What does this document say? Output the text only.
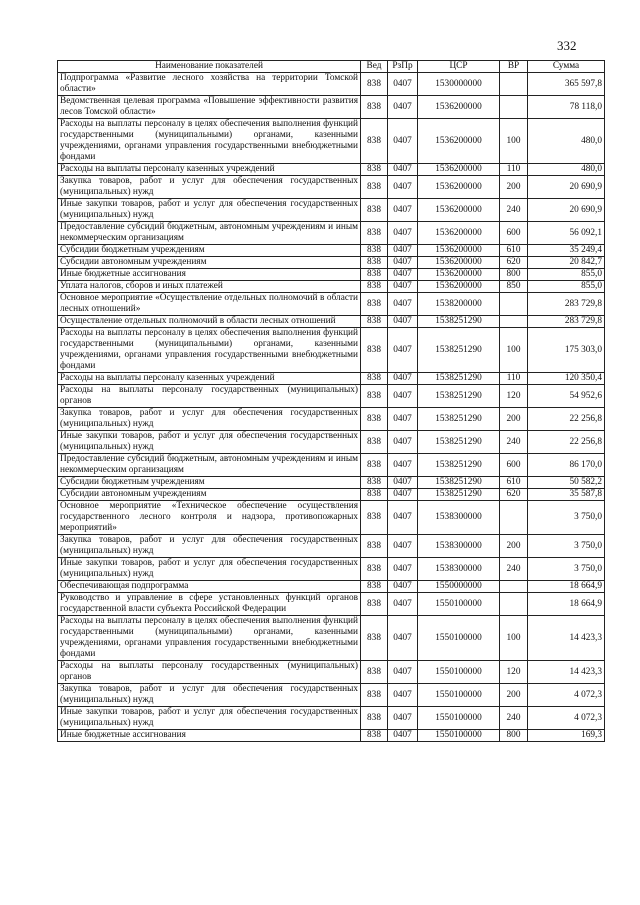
332
Наименование показателей	Вед	РзПр	ЦСР	ВР	Сумма
Подпрограмма «Развитие лесного хозяйства на территории Томской области»	838	0407	1530000000		365 597,8
Ведомственная целевая программа «Повышение эффективности развития лесов Томской области»	838	0407	1536200000		78 118,0
Расходы на выплаты персоналу в целях обеспечения выполнения функций государственными (муниципальными) органами, казенными учреждениями, органами управления государственными внебюджетными фондами	838	0407	1536200000	100	480,0
Расходы на выплаты персоналу казенных учреждений	838	0407	1536200000	110	480,0
Закупка товаров, работ и услуг для обеспечения государственных (муниципальных) нужд	838	0407	1536200000	200	20 690,9
Иные закупки товаров, работ и услуг для обеспечения государственных (муниципальных) нужд	838	0407	1536200000	240	20 690,9
Предоставление субсидий бюджетным, автономным учреждениям и иным некоммерческим организациям	838	0407	1536200000	600	56 092,1
Субсидии бюджетным учреждениям	838	0407	1536200000	610	35 249,4
Субсидии автономным учреждениям	838	0407	1536200000	620	20 842,7
Иные бюджетные ассигнования	838	0407	1536200000	800	855,0
Уплата налогов, сборов и иных платежей	838	0407	1536200000	850	855,0
Основное мероприятие «Осуществление отдельных полномочий в области лесных отношений»	838	0407	1538200000		283 729,8
Осуществление отдельных полномочий в области лесных отношений	838	0407	1538251290		283 729,8
Расходы на выплаты персоналу в целях обеспечения выполнения функций государственными (муниципальными) органами, казенными учреждениями, органами управления государственными внебюджетными фондами	838	0407	1538251290	100	175 303,0
Расходы на выплаты персоналу казенных учреждений	838	0407	1538251290	110	120 350,4
Расходы на выплаты персоналу государственных (муниципальных) органов	838	0407	1538251290	120	54 952,6
Закупка товаров, работ и услуг для обеспечения государственных (муниципальных) нужд	838	0407	1538251290	200	22 256,8
Иные закупки товаров, работ и услуг для обеспечения государственных (муниципальных) нужд	838	0407	1538251290	240	22 256,8
Предоставление субсидий бюджетным, автономным учреждениям и иным некоммерческим организациям	838	0407	1538251290	600	86 170,0
Субсидии бюджетным учреждениям	838	0407	1538251290	610	50 582,2
Субсидии автономным учреждениям	838	0407	1538251290	620	35 587,8
Основное мероприятие «Техническое обеспечение осуществления государственного лесного контроля и надзора, противопожарных мероприятий»	838	0407	1538300000		3 750,0
Закупка товаров, работ и услуг для обеспечения государственных (муниципальных) нужд	838	0407	1538300000	200	3 750,0
Иные закупки товаров, работ и услуг для обеспечения государственных (муниципальных) нужд	838	0407	1538300000	240	3 750,0
Обеспечивающая подпрограмма	838	0407	1550000000		18 664,9
Руководство и управление в сфере установленных функций органов государственной власти субъекта Российской Федерации	838	0407	1550100000		18 664,9
Расходы на выплаты персоналу в целях обеспечения выполнения функций государственными (муниципальными) органами, казенными учреждениями, органами управления государственными внебюджетными фондами	838	0407	1550100000	100	14 423,3
Расходы на выплаты персоналу государственных (муниципальных) органов	838	0407	1550100000	120	14 423,3
Закупка товаров, работ и услуг для обеспечения государственных (муниципальных) нужд	838	0407	1550100000	200	4 072,3
Иные закупки товаров, работ и услуг для обеспечения государственных (муниципальных) нужд	838	0407	1550100000	240	4 072,3
Иные бюджетные ассигнования	838	0407	1550100000	800	169,3
